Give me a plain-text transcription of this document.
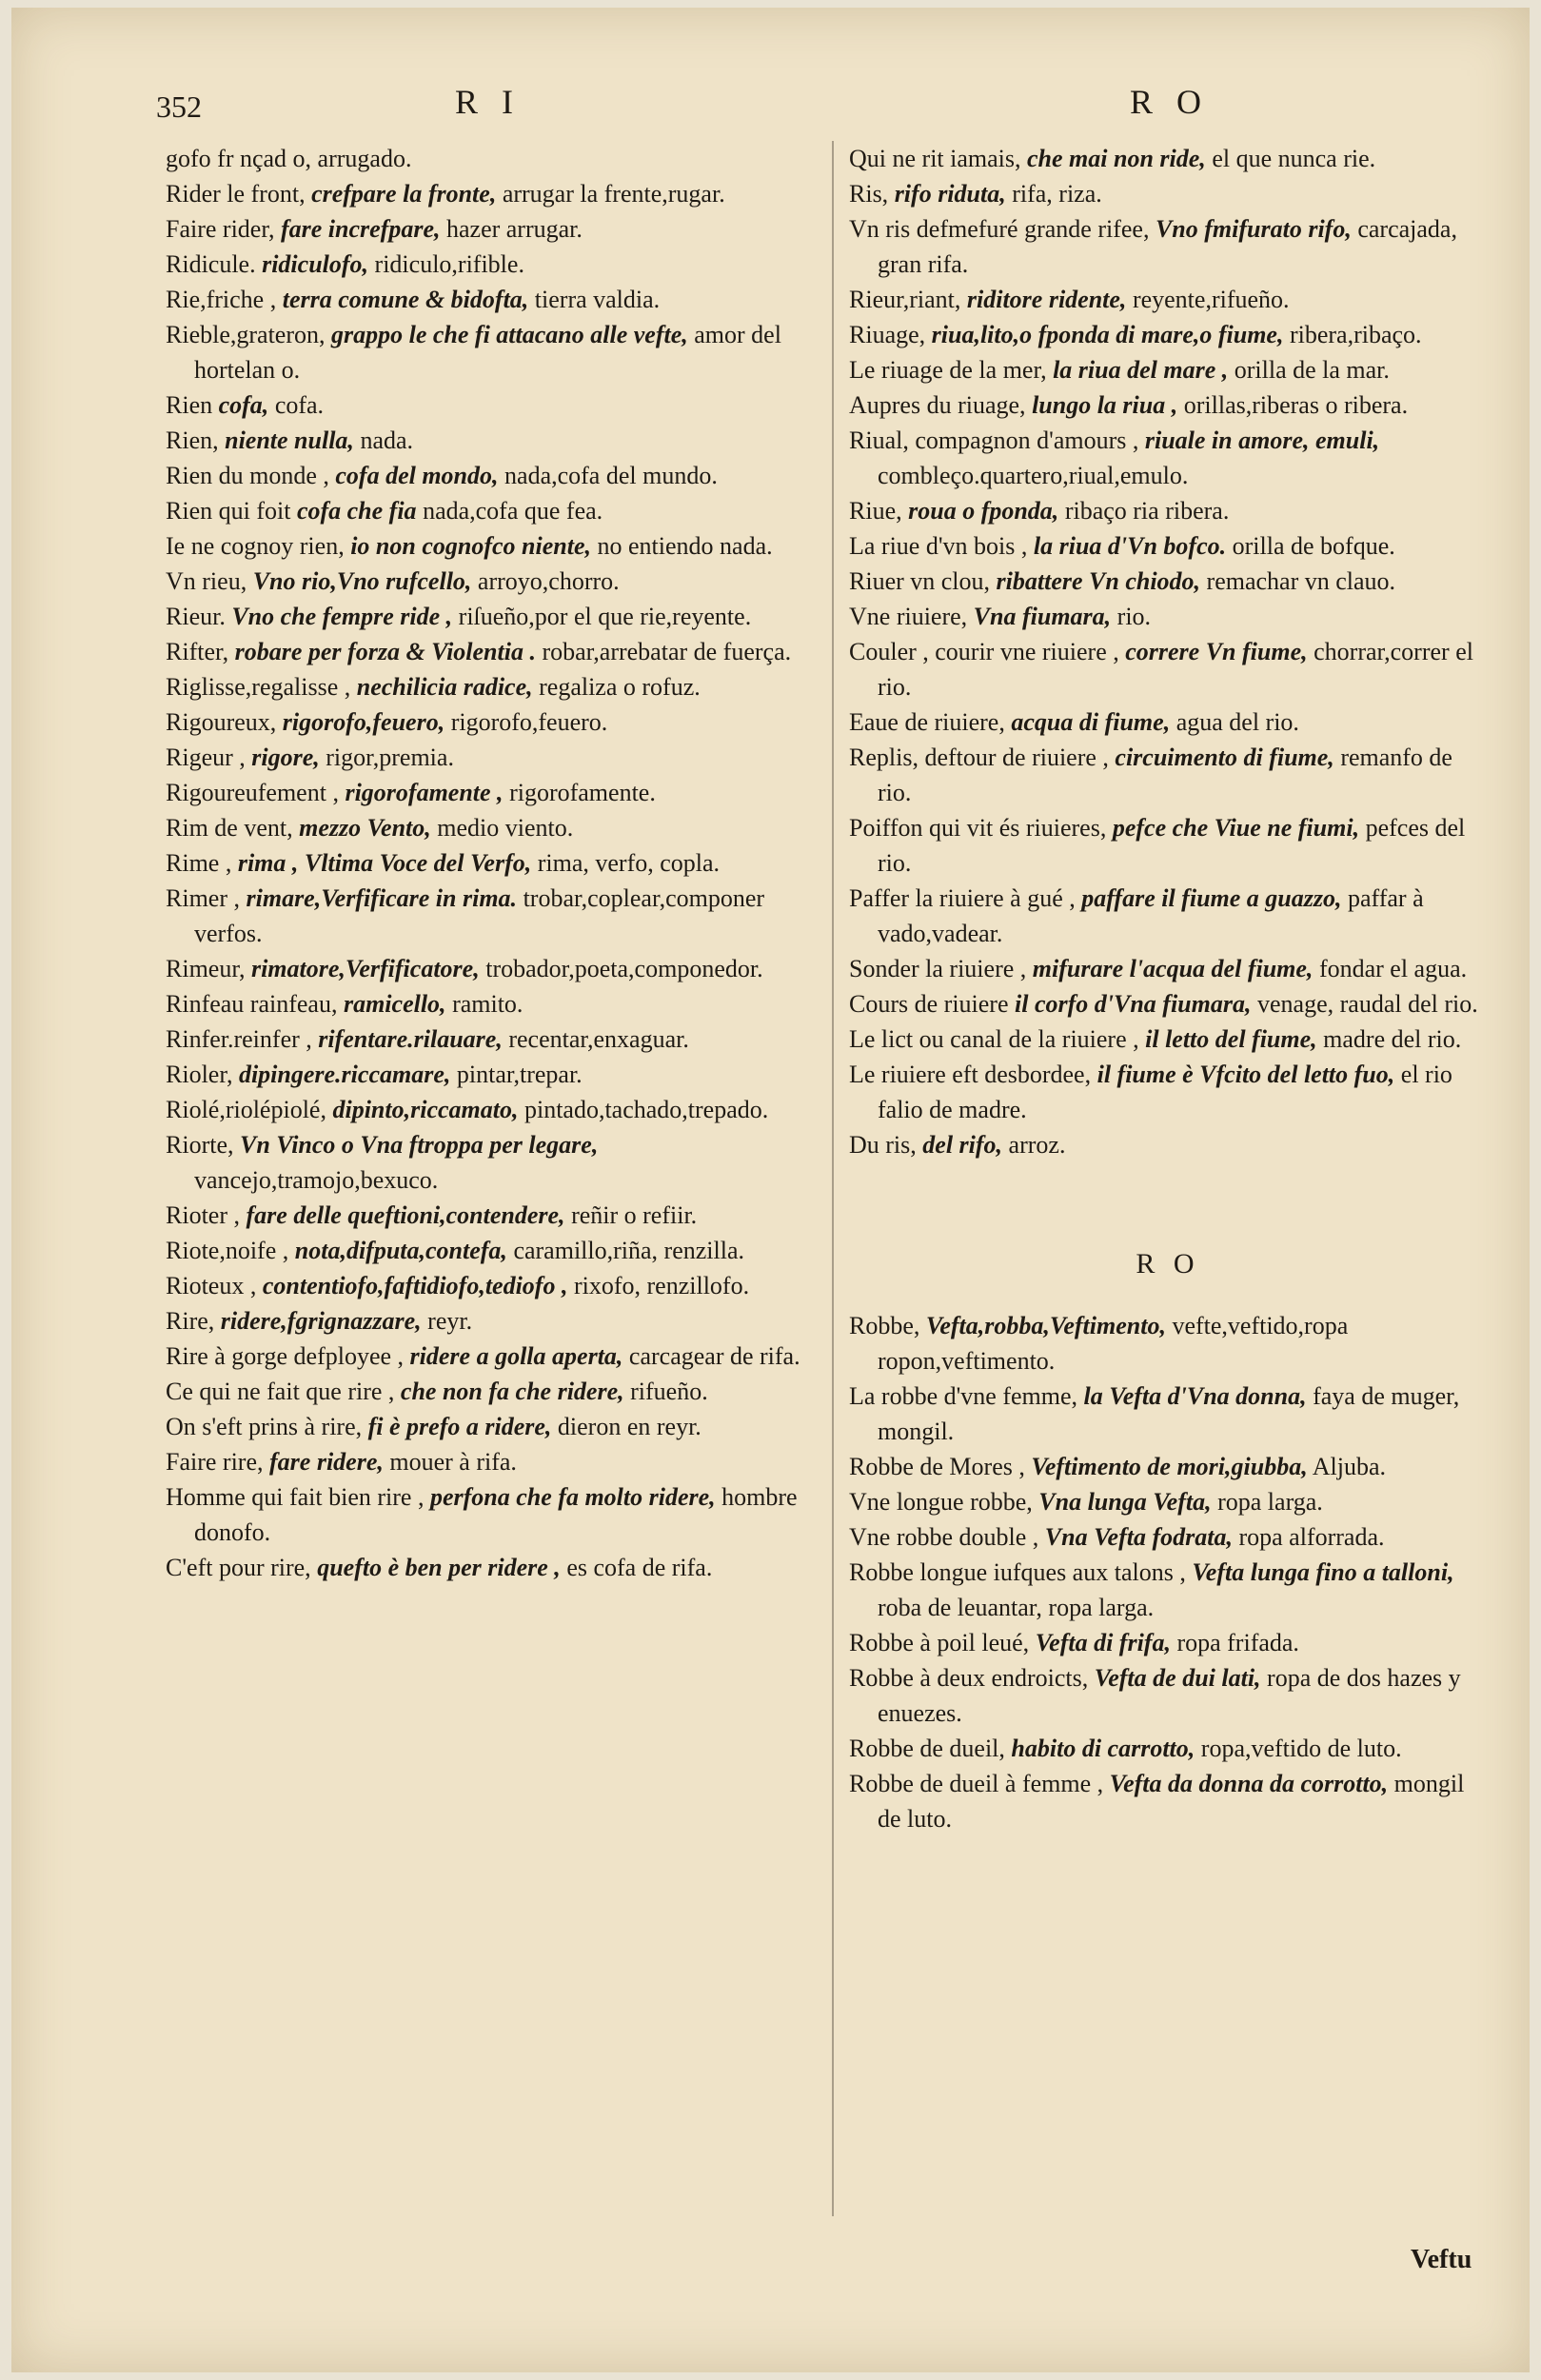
352	R I	R O

gofo fr nçad o, arrugado.

Rider le front, crefpare la fronte, arrugar la frente,rugar.

Faire rider, fare increfpare, hazer arrugar.

Ridicule. ridiculofo, ridiculo,rifible.

Rie,friche , terra comune & bidofta, tierra valdia.

Rieble,grateron, grappo le che fi attacano alle vefte, amor del hortelan o.

Rien cofa, cofa.

Rien, niente nulla, nada.

Rien du monde , cofa del mondo, nada,cofa del mundo.

Rien qui foit cofa che fia nada,cofa que fea.

Ie ne cognoy rien, io non cognofco niente, no entiendo nada.

Vn rieu, Vno rio,Vno rufcello, arroyo,chorro.

Rieur. Vno che fempre ride , riſueño,por el que rie,reyente.

Rifter, robare per forza & Violentia . robar,arrebatar de fuerça.

Riglisse,regalisse , nechilicia radice, regaliza o rofuz.

Rigoureux, rigorofo,feuero, rigorofo,feuero.

Rigeur , rigore, rigor,premia.

Rigoureufement , rigorofamente , rigorofamente.

Rim de vent, mezzo Vento, medio viento.

Rime , rima , Vltima Voce del Verfo, rima, verfo, copla.

Rimer , rimare,Verfificare in rima. trobar,coplear,componer verfos.

Rimeur, rimatore,Verfificatore, trobador,poeta,componedor.

Rinfeau rainfeau, ramicello, ramito.

Rinfer.reinfer , rifentare.rilauare, recentar,enxaguar.

Rioler, dipingere.riccamare, pintar,trepar.

Riolé,riolépiolé, dipinto,riccamato, pintado,tachado,trepado.

Riorte, Vn Vinco o Vna ftroppa per legare, vancejo,tramojo,bexuco.

Rioter , fare delle queftioni,contendere, reñir o refiir.

Riote,noife , nota,difputa,contefa, caramillo,riña, renzilla.

Rioteux , contentiofo,faftidiofo,tediofo , rixofo, renzillofo.

Rire, ridere,fgrignazzare, reyr.

Rire à gorge defployee , ridere a golla aperta, carcagear de rifa.

Ce qui ne fait que rire , che non fa che ridere, rifueño.

On s'eft prins à rire, fi è prefo a ridere, dieron en reyr.

Faire rire, fare ridere, mouer à rifa.

Homme qui fait bien rire , perfona che fa molto ridere, hombre donofo.

C'eft pour rire, quefto è ben per ridere , es cofa de rifa.

Qui ne rit iamais, che mai non ride, el que nunca rie.

Ris, rifo riduta, rifa, riza.

Vn ris defmefuré grande rifee, Vno fmifurato rifo, carcajada, gran rifa.

Rieur,riant, riditore ridente, reyente,rifueño.

Riuage, riua,lito,o fponda di mare,o fiume, ribera,ribaço.

Le riuage de la mer, la riua del mare , orilla de la mar.

Aupres du riuage, lungo la riua , orillas,riberas o ribera.

Riual, compagnon d'amours , riuale in amore, emuli, combleço.quartero,riual,emulo.

Riue, roua o fponda, ribaço ria ribera.

La riue d'vn bois , la riua d'Vn bofco. orilla de bofque.

Riuer vn clou, ribattere Vn chiodo, remachar vn clauo.

Vne riuiere, Vna fiumara, rio.

Couler , courir vne riuiere , correre Vn fiume, chorrar,correr el rio.

Eaue de riuiere, acqua di fiume, agua del rio.

Replis, deftour de riuiere , circuimento di fiume, remanfo de rio.

Poiffon qui vit és riuieres, pefce che Viue ne fiumi, pefces del rio.

Paffer la riuiere à gué , paffare il fiume a guazzo, paffar à vado,vadear.

Sonder la riuiere , mifurare l'acqua del fiume, fondar el agua.

Cours de riuiere il corfo d'Vna fiumara, venage, raudal del rio.

Le lict ou canal de la riuiere , il letto del fiume, madre del rio.

Le riuiere eft desbordee, il fiume è Vfcito del letto fuo, el rio falio de madre.

Du ris, del rifo, arroz.

R O

Robbe, Vefta,robba,Veftimento, vefte,veftido,ropa ropon,veftimento.

La robbe d'vne femme, la Vefta d'Vna donna, faya de muger, mongil.

Robbe de Mores , Veftimento de mori,giubba, Aljuba.

Vne longue robbe, Vna lunga Vefta, ropa larga.

Vne robbe double , Vna Vefta fodrata, ropa alforrada.

Robbe longue iufques aux talons , Vefta lunga fino a talloni, roba de leuantar, ropa larga.

Robbe à poil leué, Vefta di frifa, ropa frifada.

Robbe à deux endroicts, Vefta de dui lati, ropa de dos hazes y enuezes.

Robbe de dueil, habito di carrotto, ropa,veftido de luto.

Robbe de dueil à femme , Vefta da donna da corrotto, mongil de luto.

Veftu
